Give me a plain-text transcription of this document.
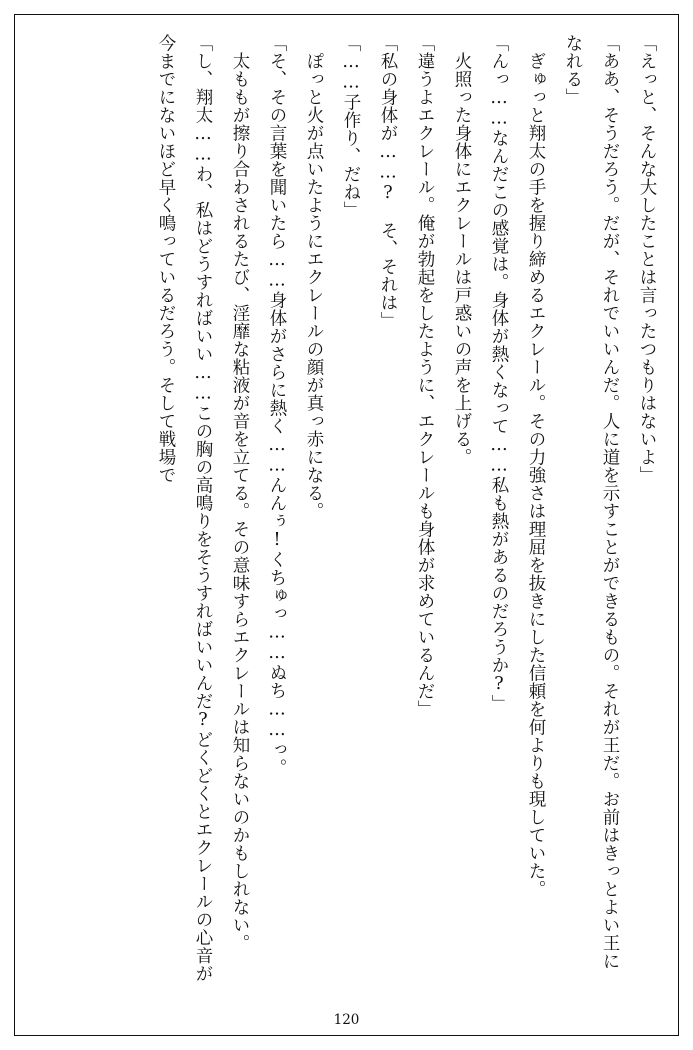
「えっと、そんな大したことは言ったつもりはないよ」

「ああ、そうだろう。だが、それでいいんだ。人に道を示すことができるもの。それが王だ。お前はきっとよい王になれる」

　ぎゅっと翔太の手を握り締めるエクレール。その力強さは理屈を抜きにした信頼を何よりも現していた。

「んっ……なんだこの感覚は。身体が熱くなって……私も熱があるのだろうか?」

　火照った身体にエクレールは戸惑いの声を上げる。

「違うよエクレール。俺が勃起をしたように、エクレールも身体が求めているんだ」

「私の身体が……?　そ、それは」

「……子作り、だね」

　ぽっと火が点いたようにエクレールの顔が真っ赤になる。

「そ、その言葉を聞いたら……身体がさらに熱く……んんぅ!くちゅっ……ぬち……っ。

　太ももが擦り合わされるたび、淫靡な粘液が音を立てる。その意味すらエクレールは知らないのかもしれない。

「し、翔太……わ、私はどうすればいい……この胸の高鳴りをそうすればいいんだ?どくどくとエクレールの心音が今までにないほど早く鳴っているだろう。そして戦場で

120
